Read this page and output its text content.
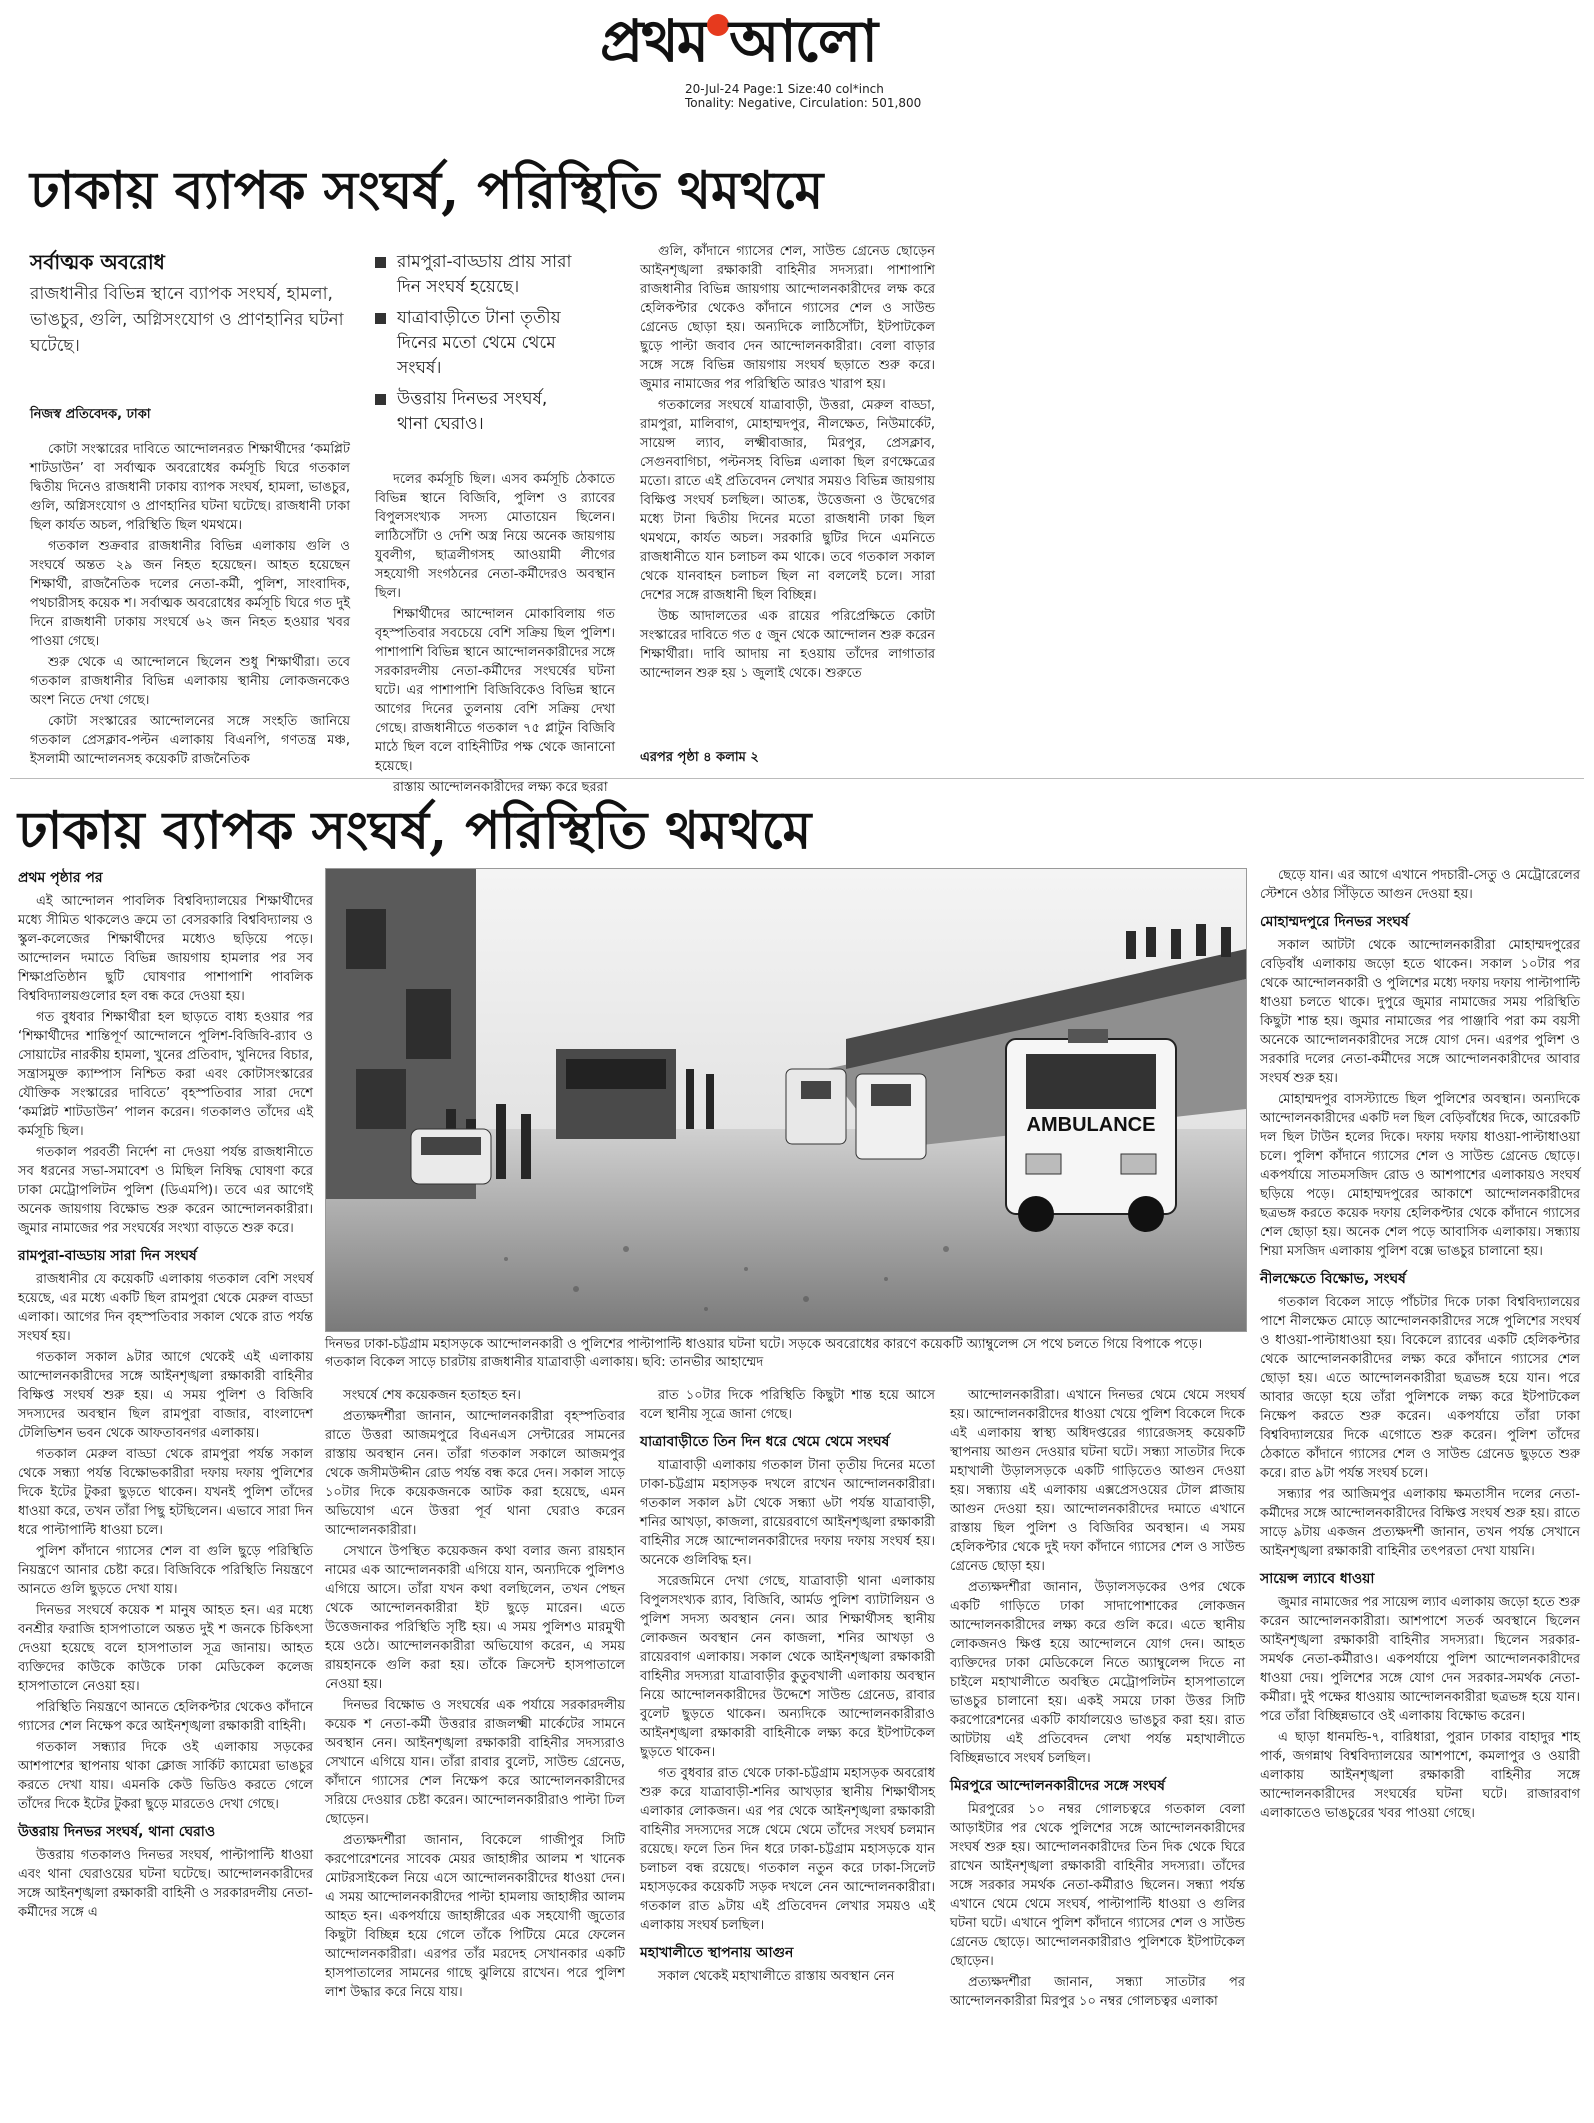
প্রথম আলো
20-Jul-24 Page:1 Size:40 col*inch
Tonality: Negative, Circulation: 501,800
ঢাকায় ব্যাপক সংঘর্ষ, পরিস্থিতি থমথমে
সর্বাত্মক অবরোধ
রাজধানীর বিভিন্ন স্থানে ব্যাপক সংঘর্ষ, হামলা, ভাঙচুর, গুলি, অগ্নিসংযোগ ও প্রাণহানির ঘটনা ঘটেছে।
নিজস্ব প্রতিবেদক, ঢাকা
রামপুরা-বাড্ডায় প্রায় সারা দিন সংঘর্ষ হয়েছে।
যাত্রাবাড়ীতে টানা তৃতীয় দিনের মতো থেমে থেমে সংঘর্ষ।
উত্তরায় দিনভর সংঘর্ষ, থানা ঘেরাও।

কোটা সংস্কারের দাবিতে আন্দোলনরত শিক্ষার্থীদের ‘কমপ্লিট শাটডাউন’ বা সর্বাত্মক অবরোধের কর্মসূচি ঘিরে গতকাল দ্বিতীয় দিনেও রাজধানী ঢাকায় ব্যাপক সংঘর্ষ, হামলা, ভাঙচুর, গুলি, অগ্নিসংযোগ ও প্রাণহানির ঘটনা ঘটেছে। রাজধানী ঢাকা ছিল কার্যত অচল, পরিস্থিতি ছিল থমথমে।

গতকাল শুক্রবার রাজধানীর বিভিন্ন এলাকায় গুলি ও সংঘর্ষে অন্তত ২৯ জন নিহত হয়েছেন। আহত হয়েছেন শিক্ষার্থী, রাজনৈতিক দলের নেতা-কর্মী, পুলিশ, সাংবাদিক, পথচারীসহ কয়েক শ। সর্বাত্মক অবরোধের কর্মসূচি ঘিরে গত দুই দিনে রাজধানী ঢাকায় সংঘর্ষে ৬২ জন নিহত হওয়ার খবর পাওয়া গেছে।

শুরু থেকে এ আন্দোলনে ছিলেন শুধু শিক্ষার্থীরা। তবে গতকাল রাজধানীর বিভিন্ন এলাকায় স্থানীয় লোকজনকেও অংশ নিতে দেখা গেছে।

কোটা সংস্কারের আন্দোলনের সঙ্গে সংহতি জানিয়ে গতকাল প্রেসক্লাব-পল্টন এলাকায় বিএনপি, গণতন্ত্র মঞ্চ, ইসলামী আন্দোলনসহ কয়েকটি রাজনৈতিক

দলের কর্মসূচি ছিল। এসব কর্মসূচি ঠেকাতে বিভিন্ন স্থানে বিজিবি, পুলিশ ও র‍্যাবের বিপুলসংখ্যক সদস্য মোতায়েন ছিলেন। লাঠিসোঁটা ও দেশি অস্ত্র নিয়ে অনেক জায়গায় যুবলীগ, ছাত্রলীগসহ আওয়ামী লীগের সহযোগী সংগঠনের নেতা-কর্মীদেরও অবস্থান ছিল।

শিক্ষার্থীদের আন্দোলন মোকাবিলায় গত বৃহস্পতিবার সবচেয়ে বেশি সক্রিয় ছিল পুলিশ। পাশাপাশি বিভিন্ন স্থানে আন্দোলনকারীদের সঙ্গে সরকারদলীয় নেতা-কর্মীদের সংঘর্ষের ঘটনা ঘটে। এর পাশাপাশি বিজিবিকেও বিভিন্ন স্থানে আগের দিনের তুলনায় বেশি সক্রিয় দেখা গেছে। রাজধানীতে গতকাল ৭৫ প্লাটুন বিজিবি মাঠে ছিল বলে বাহিনীটির পক্ষ থেকে জানানো হয়েছে।

রাস্তায় আন্দোলনকারীদের লক্ষ্য করে ছররা

গুলি, কাঁদানে গ্যাসের শেল, সাউন্ড গ্রেনেড ছোড়েন আইনশৃঙ্খলা রক্ষাকারী বাহিনীর সদস্যরা। পাশাপাশি রাজধানীর বিভিন্ন জায়গায় আন্দোলনকারীদের লক্ষ করে হেলিকপ্টার থেকেও কাঁদানে গ্যাসের শেল ও সাউন্ড গ্রেনেড ছোড়া হয়। অন্যদিকে লাঠিসোঁটা, ইটপাটকেল ছুড়ে পাল্টা জবাব দেন আন্দোলনকারীরা। বেলা বাড়ার সঙ্গে সঙ্গে বিভিন্ন জায়গায় সংঘর্ষ ছড়াতে শুরু করে। জুমার নামাজের পর পরিস্থিতি আরও খারাপ হয়।

গতকালের সংঘর্ষে যাত্রাবাড়ী, উত্তরা, মেরুল বাড্ডা, রামপুরা, মালিবাগ, মোহাম্মদপুর, নীলক্ষেত, নিউমার্কেট, সায়েন্স ল্যাব, লক্ষ্মীবাজার, মিরপুর, প্রেসক্লাব, সেগুনবাগিচা, পল্টনসহ বিভিন্ন এলাকা ছিল রণক্ষেত্রের মতো। রাতে এই প্রতিবেদন লেখার সময়ও বিভিন্ন জায়গায় বিক্ষিপ্ত সংঘর্ষ চলছিল। আতঙ্ক, উত্তেজনা ও উদ্বেগের মধ্যে টানা দ্বিতীয় দিনের মতো রাজধানী ঢাকা ছিল থমথমে, কার্যত অচল। সরকারি ছুটির দিনে এমনিতে রাজধানীতে যান চলাচল কম থাকে। তবে গতকাল সকাল থেকে যানবাহন চলাচল ছিল না বললেই চলে। সারা দেশের সঙ্গে রাজধানী ছিল বিচ্ছিন্ন।

উচ্চ আদালতের এক রায়ের পরিপ্রেক্ষিতে কোটা সংস্কারের দাবিতে গত ৫ জুন থেকে আন্দোলন শুরু করেন শিক্ষার্থীরা। দাবি আদায় না হওয়ায় তাঁদের লাগাতার আন্দোলন শুরু হয় ১ জুলাই থেকে। শুরুতে

এরপর পৃষ্ঠা ৪ কলাম ২
ঢাকায় ব্যাপক সংঘর্ষ, পরিস্থিতি থমথমে
প্রথম পৃষ্ঠার পর

এই আন্দোলন পাবলিক বিশ্ববিদ্যালয়ের শিক্ষার্থীদের মধ্যে সীমিত থাকলেও ক্রমে তা বেসরকারি বিশ্ববিদ্যালয় ও স্কুল-কলেজের শিক্ষার্থীদের মধ্যেও ছড়িয়ে পড়ে। আন্দোলন দমাতে বিভিন্ন জায়গায় হামলার পর সব শিক্ষাপ্রতিষ্ঠান ছুটি ঘোষণার পাশাপাশি পাবলিক বিশ্ববিদ্যালয়গুলোর হল বন্ধ করে দেওয়া হয়।

গত বুধবার শিক্ষার্থীরা হল ছাড়তে বাধ্য হওয়ার পর ‘শিক্ষার্থীদের শান্তিপূর্ণ আন্দোলনে পুলিশ-বিজিবি-র‍্যাব ও সোয়াটের নারকীয় হামলা, খুনের প্রতিবাদ, খুনিদের বিচার, সন্ত্রাসমুক্ত ক্যাম্পাস নিশ্চিত করা এবং কোটাসংস্কারের যৌক্তিক সংস্কারের দাবিতে’ বৃহস্পতিবার সারা দেশে ‘কমপ্লিট শাটডাউন’ পালন করেন। গতকালও তাঁদের এই কর্মসূচি ছিল।

গতকাল পরবর্তী নির্দেশ না দেওয়া পর্যন্ত রাজধানীতে সব ধরনের সভা-সমাবেশ ও মিছিল নিষিদ্ধ ঘোষণা করে ঢাকা মেট্রোপলিটন পুলিশ (ডিএমপি)। তবে এর আগেই অনেক জায়গায় বিক্ষোভ শুরু করেন আন্দোলনকারীরা। জুমার নামাজের পর সংঘর্ষের সংখ্যা বাড়তে শুরু করে।

রামপুরা-বাড্ডায় সারা দিন সংঘর্ষ

রাজধানীর যে কয়েকটি এলাকায় গতকাল বেশি সংঘর্ষ হয়েছে, এর মধ্যে একটি ছিল রামপুরা থেকে মেরুল বাড্ডা এলাকা। আগের দিন বৃহস্পতিবার সকাল থেকে রাত পর্যন্ত সংঘর্ষ হয়।

গতকাল সকাল ৯টার আগে থেকেই এই এলাকায় আন্দোলনকারীদের সঙ্গে আইনশৃঙ্খলা রক্ষাকারী বাহিনীর বিক্ষিপ্ত সংঘর্ষ শুরু হয়। এ সময় পুলিশ ও বিজিবি সদস্যদের অবস্থান ছিল রামপুরা বাজার, বাংলাদেশ টেলিভিশন ভবন থেকে আফতাবনগর এলাকায়।

গতকাল মেরুল বাড্ডা থেকে রামপুরা পর্যন্ত সকাল থেকে সন্ধ্যা পর্যন্ত বিক্ষোভকারীরা দফায় দফায় পুলিশের দিকে ইটের টুকরা ছুড়তে থাকেন। যখনই পুলিশ তাঁদের ধাওয়া করে, তখন তাঁরা পিছু হটছিলেন। এভাবে সারা দিন ধরে পাল্টাপাল্টি ধাওয়া চলে।

পুলিশ কাঁদানে গ্যাসের শেল বা গুলি ছুড়ে পরিস্থিতি নিয়ন্ত্রণে আনার চেষ্টা করে। বিজিবিকে পরিস্থিতি নিয়ন্ত্রণে আনতে গুলি ছুড়তে দেখা যায়।

দিনভর সংঘর্ষে কয়েক শ মানুষ আহত হন। এর মধ্যে বনশ্রীর ফরাজি হাসপাতালে অন্তত দুই শ জনকে চিকিৎসা দেওয়া হয়েছে বলে হাসপাতাল সূত্র জানায়। আহত ব্যক্তিদের কাউকে কাউকে ঢাকা মেডিকেল কলেজ হাসপাতালে নেওয়া হয়।

পরিস্থিতি নিয়ন্ত্রণে আনতে হেলিকপ্টার থেকেও কাঁদানে গ্যাসের শেল নিক্ষেপ করে আইনশৃঙ্খলা রক্ষাকারী বাহিনী।

গতকাল সন্ধ্যার দিকে ওই এলাকায় সড়কের আশপাশের স্থাপনায় থাকা ক্লোজ সার্কিট ক্যামেরা ভাঙচুর করতে দেখা যায়। এমনকি কেউ ভিডিও করতে গেলে তাঁদের দিকে ইটের টুকরা ছুড়ে মারতেও দেখা গেছে।

উত্তরায় দিনভর সংঘর্ষ, থানা ঘেরাও

উত্তরায় গতকালও দিনভর সংঘর্ষ, পাল্টাপাল্টি ধাওয়া এবং থানা ঘেরাওয়ের ঘটনা ঘটেছে। আন্দোলনকারীদের সঙ্গে আইনশৃঙ্খলা রক্ষাকারী বাহিনী ও সরকারদলীয় নেতা-কর্মীদের সঙ্গে এ

AMBULANCE
দিনভর ঢাকা-চট্টগ্রাম মহাসড়কে আন্দোলনকারী ও পুলিশের পাল্টাপাল্টি ধাওয়ার ঘটনা ঘটে। সড়কে অবরোধের কারণে কয়েকটি অ্যাম্বুলেন্স সে পথে চলতে গিয়ে বিপাকে পড়ে। গতকাল বিকেল সাড়ে চারটায় রাজধানীর যাত্রাবাড়ী এলাকায়। ছবি: তানভীর আহাম্মেদ

সংঘর্ষে শেষ কয়েকজন হতাহত হন।

প্রত্যক্ষদর্শীরা জানান, আন্দোলনকারীরা বৃহস্পতিবার রাতে উত্তরা আজমপুরে বিএনএস সেন্টারের সামনের রাস্তায় অবস্থান নেন। তাঁরা গতকাল সকালে আজমপুর থেকে জসীমউদ্দীন রোড পর্যন্ত বন্ধ করে দেন। সকাল সাড়ে ১০টার দিকে কয়েকজনকে আটক করা হয়েছে, এমন অভিযোগ এনে উত্তরা পূর্ব থানা ঘেরাও করেন আন্দোলনকারীরা।

সেখানে উপস্থিত কয়েকজন কথা বলার জন্য রায়হান নামের এক আন্দোলনকারী এগিয়ে যান, অন্যদিকে পুলিশও এগিয়ে আসে। তাঁরা যখন কথা বলছিলেন, তখন পেছন থেকে আন্দোলনকারীরা ইট ছুড়ে মারেন। এতে উত্তেজনাকর পরিস্থিতি সৃষ্টি হয়। এ সময় পুলিশও মারমুখী হয়ে ওঠে। আন্দোলনকারীরা অভিযোগ করেন, এ সময় রায়হানকে গুলি করা হয়। তাঁকে ক্রিসেন্ট হাসপাতালে নেওয়া হয়।

দিনভর বিক্ষোভ ও সংঘর্ষের এক পর্যায়ে সরকারদলীয় কয়েক শ নেতা-কর্মী উত্তরার রাজলক্ষ্মী মার্কেটের সামনে অবস্থান নেন। আইনশৃঙ্খলা রক্ষাকারী বাহিনীর সদস্যরাও সেখানে এগিয়ে যান। তাঁরা রাবার বুলেট, সাউন্ড গ্রেনেড, কাঁদানে গ্যাসের শেল নিক্ষেপ করে আন্দোলনকারীদের সরিয়ে দেওয়ার চেষ্টা করেন। আন্দোলনকারীরাও পাল্টা ঢিল ছোড়েন।

প্রত্যক্ষদর্শীরা জানান, বিকেলে গাজীপুর সিটি করপোরেশনের সাবেক মেয়র জাহাঙ্গীর আলম শ খানেক মোটরসাইকেল নিয়ে এসে আন্দোলনকারীদের ধাওয়া দেন। এ সময় আন্দোলনকারীদের পাল্টা হামলায় জাহাঙ্গীর আলম আহত হন। একপর্যায়ে জাহাঙ্গীরের এক সহযোগী জুতোর কিছুটা বিচ্ছিন্ন হয়ে গেলে তাঁকে পিটিয়ে মেরে ফেলেন আন্দোলনকারীরা। এরপর তাঁর মরদেহ সেখানকার একটি হাসপাতালের সামনের গাছে ঝুলিয়ে রাখেন। পরে পুলিশ লাশ উদ্ধার করে নিয়ে যায়।

রাত ১০টার দিকে পরিস্থিতি কিছুটা শান্ত হয়ে আসে বলে স্থানীয় সূত্রে জানা গেছে।

যাত্রাবাড়ীতে তিন দিন ধরে থেমে থেমে সংঘর্ষ

যাত্রাবাড়ী এলাকায় গতকাল টানা তৃতীয় দিনের মতো ঢাকা-চট্টগ্রাম মহাসড়ক দখলে রাখেন আন্দোলনকারীরা। গতকাল সকাল ৯টা থেকে সন্ধ্যা ৬টা পর্যন্ত যাত্রাবাড়ী, শনির আখড়া, কাজলা, রায়েরবাগে আইনশৃঙ্খলা রক্ষাকারী বাহিনীর সঙ্গে আন্দোলনকারীদের দফায় দফায় সংঘর্ষ হয়। অনেকে গুলিবিদ্ধ হন।

সরেজমিনে দেখা গেছে, যাত্রাবাড়ী থানা এলাকায় বিপুলসংখ্যক র‍্যাব, বিজিবি, আর্মড পুলিশ ব্যাটালিয়ন ও পুলিশ সদস্য অবস্থান নেন। আর শিক্ষার্থীসহ স্থানীয় লোকজন অবস্থান নেন কাজলা, শনির আখড়া ও রায়েরবাগ এলাকায়। সকাল থেকে আইনশৃঙ্খলা রক্ষাকারী বাহিনীর সদস্যরা যাত্রাবাড়ীর কুতুবখালী এলাকায় অবস্থান নিয়ে আন্দোলনকারীদের উদ্দেশে সাউন্ড গ্রেনেড, রাবার বুলেট ছুড়তে থাকেন। অন্যদিকে আন্দোলনকারীরাও আইনশৃঙ্খলা রক্ষাকারী বাহিনীকে লক্ষ্য করে ইটপাটকেল ছুড়তে থাকেন।

গত বুধবার রাত থেকে ঢাকা-চট্টগ্রাম মহাসড়ক অবরোধ শুরু করে যাত্রাবাড়ী-শনির আখড়ার স্থানীয় শিক্ষার্থীসহ এলাকার লোকজন। এর পর থেকে আইনশৃঙ্খলা রক্ষাকারী বাহিনীর সদস্যদের সঙ্গে থেমে থেমে তাঁদের সংঘর্ষ চলমান রয়েছে। ফলে তিন দিন ধরে ঢাকা-চট্টগ্রাম মহাসড়কে যান চলাচল বন্ধ রয়েছে। গতকাল নতুন করে ঢাকা-সিলেট মহাসড়কের কয়েকটি সড়ক দখলে নেন আন্দোলনকারীরা। গতকাল রাত ৯টায় এই প্রতিবেদন লেখার সময়ও এই এলাকায় সংঘর্ষ চলছিল।

মহাখালীতে স্থাপনায় আগুন

সকাল থেকেই মহাখালীতে রাস্তায় অবস্থান নেন

আন্দোলনকারীরা। এখানে দিনভর থেমে থেমে সংঘর্ষ হয়। আন্দোলনকারীদের ধাওয়া খেয়ে পুলিশ বিকেলে দিকে এই এলাকায় স্বাস্থ্য অধিদপ্তরের গ্যারেজসহ কয়েকটি স্থাপনায় আগুন দেওয়ার ঘটনা ঘটে। সন্ধ্যা সাতটার দিকে মহাখালী উড়ালসড়কে একটি গাড়িতেও আগুন দেওয়া হয়। সন্ধ্যায় এই এলাকায় এক্সপ্রেসওয়ের টোল প্লাজায় আগুন দেওয়া হয়। আন্দোলনকারীদের দমাতে এখানে রাস্তায় ছিল পুলিশ ও বিজিবির অবস্থান। এ সময় হেলিকপ্টার থেকে দুই দফা কাঁদানে গ্যাসের শেল ও সাউন্ড গ্রেনেড ছোড়া হয়।

প্রত্যক্ষদর্শীরা জানান, উড়ালসড়কের ওপর থেকে একটি গাড়িতে ঢাকা সাদাপোশাকের লোকজন আন্দোলনকারীদের লক্ষ্য করে গুলি করে। এতে স্থানীয় লোকজনও ক্ষিপ্ত হয়ে আন্দোলনে যোগ দেন। আহত ব্যক্তিদের ঢাকা মেডিকেলে নিতে অ্যাম্বুলেন্স দিতে না চাইলে মহাখালীতে অবস্থিত মেট্রোপলিটন হাসপাতালে ভাঙচুর চালানো হয়। একই সময়ে ঢাকা উত্তর সিটি করপোরেশনের একটি কার্যালয়েও ভাঙচুর করা হয়। রাত আটটায় এই প্রতিবেদন লেখা পর্যন্ত মহাখালীতে বিচ্ছিন্নভাবে সংঘর্ষ চলছিল।

মিরপুরে আন্দোলনকারীদের সঙ্গে সংঘর্ষ

মিরপুরের ১০ নম্বর গোলচত্বরে গতকাল বেলা আড়াইটার পর থেকে পুলিশের সঙ্গে আন্দোলনকারীদের সংঘর্ষ শুরু হয়। আন্দোলনকারীদের তিন দিক থেকে ঘিরে রাখেন আইনশৃঙ্খলা রক্ষাকারী বাহিনীর সদস্যরা। তাঁদের সঙ্গে সরকার সমর্থক নেতা-কর্মীরাও ছিলেন। সন্ধ্যা পর্যন্ত এখানে থেমে থেমে সংঘর্ষ, পাল্টাপাল্টি ধাওয়া ও গুলির ঘটনা ঘটে। এখানে পুলিশ কাঁদানে গ্যাসের শেল ও সাউন্ড গ্রেনেড ছোড়ে। আন্দোলনকারীরাও পুলিশকে ইটপাটকেল ছোড়েন।

প্রত্যক্ষদর্শীরা জানান, সন্ধ্যা সাতটার পর আন্দোলনকারীরা মিরপুর ১০ নম্বর গোলচত্বর এলাকা

ছেড়ে যান। এর আগে এখানে পদচারী-সেতু ও মেট্রোরেলের স্টেশনে ওঠার সিঁড়িতে আগুন দেওয়া হয়।

মোহাম্মদপুরে দিনভর সংঘর্ষ

সকাল আটটা থেকে আন্দোলনকারীরা মোহাম্মদপুরের বেড়িবাঁধ এলাকায় জড়ো হতে থাকেন। সকাল ১০টার পর থেকে আন্দোলনকারী ও পুলিশের মধ্যে দফায় দফায় পাল্টাপাল্টি ধাওয়া চলতে থাকে। দুপুরে জুমার নামাজের সময় পরিস্থিতি কিছুটা শান্ত হয়। জুমার নামাজের পর পাঞ্জাবি পরা কম বয়সী অনেকে আন্দোলনকারীদের সঙ্গে যোগ দেন। এরপর পুলিশ ও সরকারি দলের নেতা-কর্মীদের সঙ্গে আন্দোলনকারীদের আবার সংঘর্ষ শুরু হয়।

মোহাম্মদপুর বাসস্ট্যান্ডে ছিল পুলিশের অবস্থান। অন্যদিকে আন্দোলনকারীদের একটি দল ছিল বেড়িবাঁধের দিকে, আরেকটি দল ছিল টাউন হলের দিকে। দফায় দফায় ধাওয়া-পাল্টাধাওয়া চলে। পুলিশ কাঁদানে গ্যাসের শেল ও সাউন্ড গ্রেনেড ছোড়ে। একপর্যায়ে সাতমসজিদ রোড ও আশপাশের এলাকায়ও সংঘর্ষ ছড়িয়ে পড়ে। মোহাম্মদপুরের আকাশে আন্দোলনকারীদের ছত্রভঙ্গ করতে কয়েক দফায় হেলিকপ্টার থেকে কাঁদানে গ্যাসের শেল ছোড়া হয়। অনেক শেল পড়ে আবাসিক এলাকায়। সন্ধ্যায় শিয়া মসজিদ এলাকায় পুলিশ বক্সে ভাঙচুর চালানো হয়।

নীলক্ষেতে বিক্ষোভ, সংঘর্ষ

গতকাল বিকেল সাড়ে পাঁচটার দিকে ঢাকা বিশ্ববিদ্যালয়ের পাশে নীলক্ষেত মোড়ে আন্দোলনকারীদের সঙ্গে পুলিশের সংঘর্ষ ও ধাওয়া-পাল্টাধাওয়া হয়। বিকেলে র‍্যাবের একটি হেলিকপ্টার থেকে আন্দোলনকারীদের লক্ষ্য করে কাঁদানে গ্যাসের শেল ছোড়া হয়। এতে আন্দোলনকারীরা ছত্রভঙ্গ হয়ে যান। পরে আবার জড়ো হয়ে তাঁরা পুলিশকে লক্ষ্য করে ইটপাটকেল নিক্ষেপ করতে শুরু করেন। একপর্যায়ে তাঁরা ঢাকা বিশ্ববিদ্যালয়ের দিকে এগোতে শুরু করেন। পুলিশ তাঁদের ঠেকাতে কাঁদানে গ্যাসের শেল ও সাউন্ড গ্রেনেড ছুড়তে শুরু করে। রাত ৯টা পর্যন্ত সংঘর্ষ চলে।

সন্ধ্যার পর আজিমপুর এলাকায় ক্ষমতাসীন দলের নেতা-কর্মীদের সঙ্গে আন্দোলনকারীদের বিক্ষিপ্ত সংঘর্ষ শুরু হয়। রাতে সাড়ে ৯টায় একজন প্রত্যক্ষদর্শী জানান, তখন পর্যন্ত সেখানে আইনশৃঙ্খলা রক্ষাকারী বাহিনীর তৎপরতা দেখা যায়নি।

সায়েন্স ল্যাবে ধাওয়া

জুমার নামাজের পর সায়েন্স ল্যাব এলাকায় জড়ো হতে শুরু করেন আন্দোলনকারীরা। আশপাশে সতর্ক অবস্থানে ছিলেন আইনশৃঙ্খলা রক্ষাকারী বাহিনীর সদস্যরা। ছিলেন সরকার-সমর্থক নেতা-কর্মীরাও। একপর্যায়ে পুলিশ আন্দোলনকারীদের ধাওয়া দেয়। পুলিশের সঙ্গে যোগ দেন সরকার-সমর্থক নেতা-কর্মীরা। দুই পক্ষের ধাওয়ায় আন্দোলনকারীরা ছত্রভঙ্গ হয়ে যান। পরে তাঁরা বিচ্ছিন্নভাবে ওই এলাকায় বিক্ষোভ করেন।

এ ছাড়া ধানমন্ডি-৭, বারিধারা, পুরান ঢাকার বাহাদুর শাহ পার্ক, জগন্নাথ বিশ্ববিদ্যালয়ের আশপাশে, কমলাপুর ও ওয়ারী এলাকায় আইনশৃঙ্খলা রক্ষাকারী বাহিনীর সঙ্গে আন্দোলনকারীদের সংঘর্ষের ঘটনা ঘটে। রাজারবাগ এলাকাতেও ভাঙচুরের খবর পাওয়া গেছে।
